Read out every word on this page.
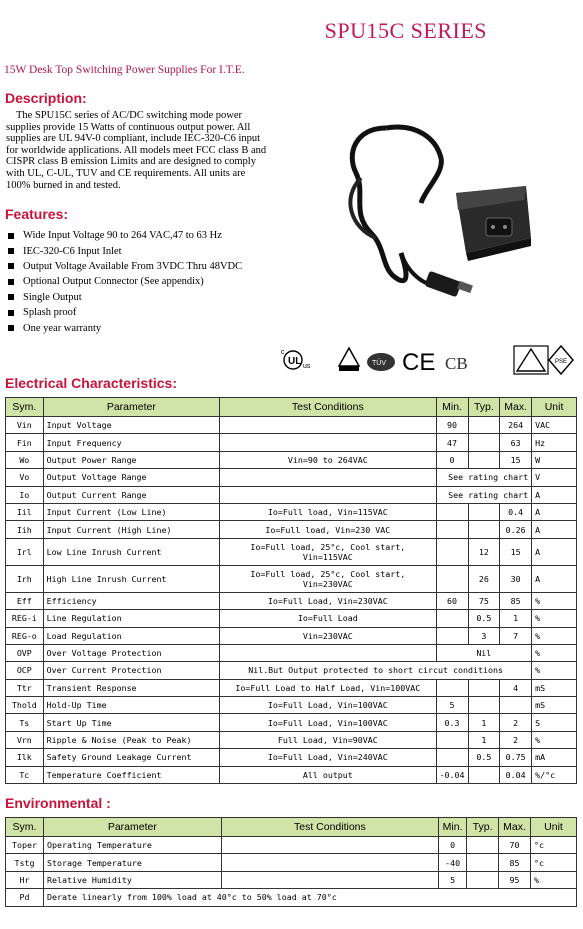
SPU15C SERIES
15W Desk Top Switching Power Supplies For I.T.E.
Description:
The SPU15C series of AC/DC switching mode power supplies provide 15 Watts of continuous output power. All supplies are UL 94V-0 compliant, include IEC-320-C6 input for worldwide applications. All models meet FCC class B and CISPR class B emission Limits and are designed to comply with UL, C-UL, TUV and CE requirements. All units are 100% burned in and tested.
Features:
Wide Input Voltage 90 to 264 VAC,47 to 63 Hz
IEC-320-C6 Input Inlet
Output Voltage Available From 3VDC Thru 48VDC
Optional Output Connector (See appendix)
Single Output
Splash proof
One year warranty
UL
c
us	TÜV CE CB	PSE
Electrical Characteristics:
Sym.	Parameter	Test Conditions	Min.	Typ.	Max.	Unit
Vin	Input Voltage		90		264	VAC
Fin	Input Frequency		47		63	Hz
Wo	Output Power Range	Vin=90 to 264VAC	0		15	W
Vo	Output Voltage Range		See rating chart			V
Io	Output Current Range		See rating chart			A
Iil	Input Current (Low Line)	Io=Full load, Vin=115VAC			0.4	A
Iih	Input Current (High Line)	Io=Full load, Vin=230 VAC			0.26	A
Irl	Low Line Inrush Current	Io=Full load, 25°c, Cool start, Vin=115VAC		12	15	A
Irh	High Line Inrush Current	Io=Full load, 25°c, Cool start, Vin=230VAC		26	30	A
Eff	Efficiency	Io=Full Load, Vin=230VAC	60	75	85	%
REG-i	Line Regulation	Io=Full Load		0.5	1	%
REG-o	Load Regulation	Vin=230VAC		3	7	%
OVP	Over Voltage Protection		Nil			%
OCP	Over Current Protection	Nil.But Output protected to short circut conditions				%
Ttr	Transient Response	Io=Full Load to Half Load, Vin=100VAC			4	mS
Thold	Hold-Up Time	Io=Full Load, Vin=100VAC	5			mS
Ts	Start Up Time	Io=Full Load, Vin=100VAC	0.3	1	2	S
Vrn	Ripple & Noise (Peak to Peak)	Full Load, Vin=90VAC		1	2	%
Ilk	Safety Ground Leakage Current	Io=Full Load, Vin=240VAC		0.5	0.75	mA
Tc	Temperature Coefficient	All output	-0.04		0.04	%/°c
Environmental :
Sym.	Parameter	Test Conditions	Min.	Typ.	Max.	Unit
Toper	Operating Temperature		0		70	°c
Tstg	Storage Temperature		-40		85	°c
Hr	Relative Humidity		5		95	%
Pd	Derate linearly from 100% load at 40°c to 50% load at 70°c					
